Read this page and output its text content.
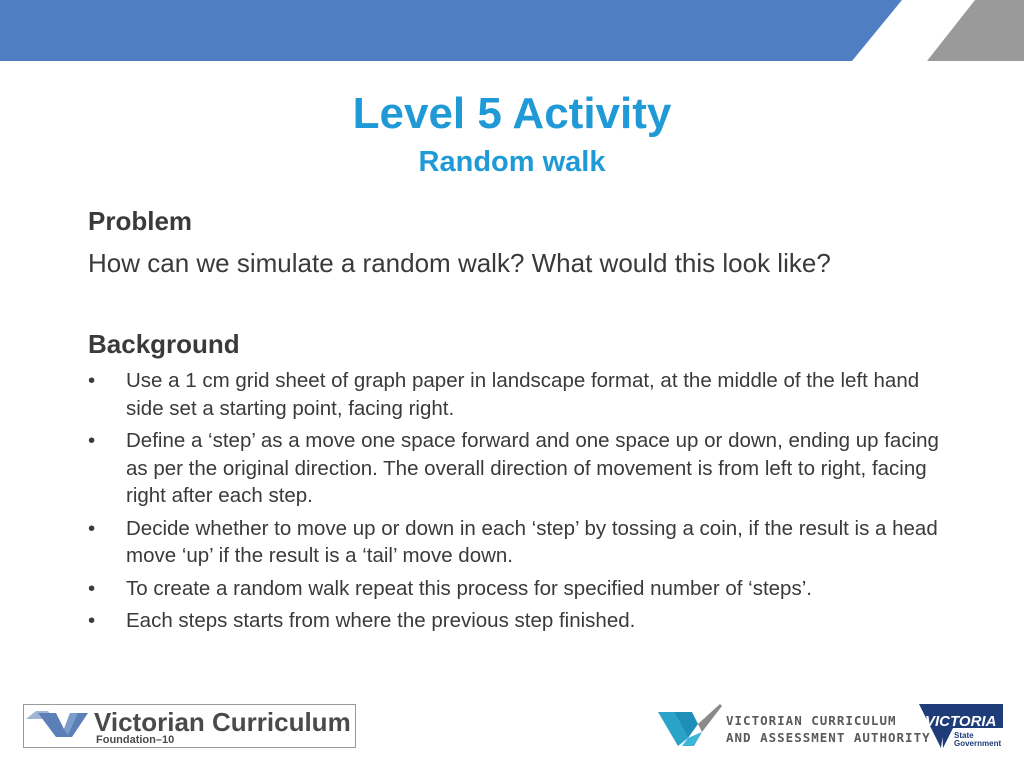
Level 5 Activity
Random walk
Problem
How can we simulate a random walk? What would this look like?
Background
•	Use a 1 cm grid sheet of graph paper in landscape format, at the middle of the left hand side set a starting point, facing right.
•	Define a ‘step’ as a move one space forward and one space up or down, ending up facing as per the original direction. The overall direction of movement is from left to right, facing right after each step.
•	Decide whether to move up or down in each ‘step’ by tossing a coin, if the result is a head move ‘up’ if the result is a ‘tail’ move down.
•	To create a random walk repeat this process for specified number of ‘steps’.
•	Each steps starts from where the previous step finished.
Victorian Curriculum
Foundation–10
VICTORIAN CURRICULUM
AND ASSESSMENT AUTHORITY
VICTORIA
State
Government
